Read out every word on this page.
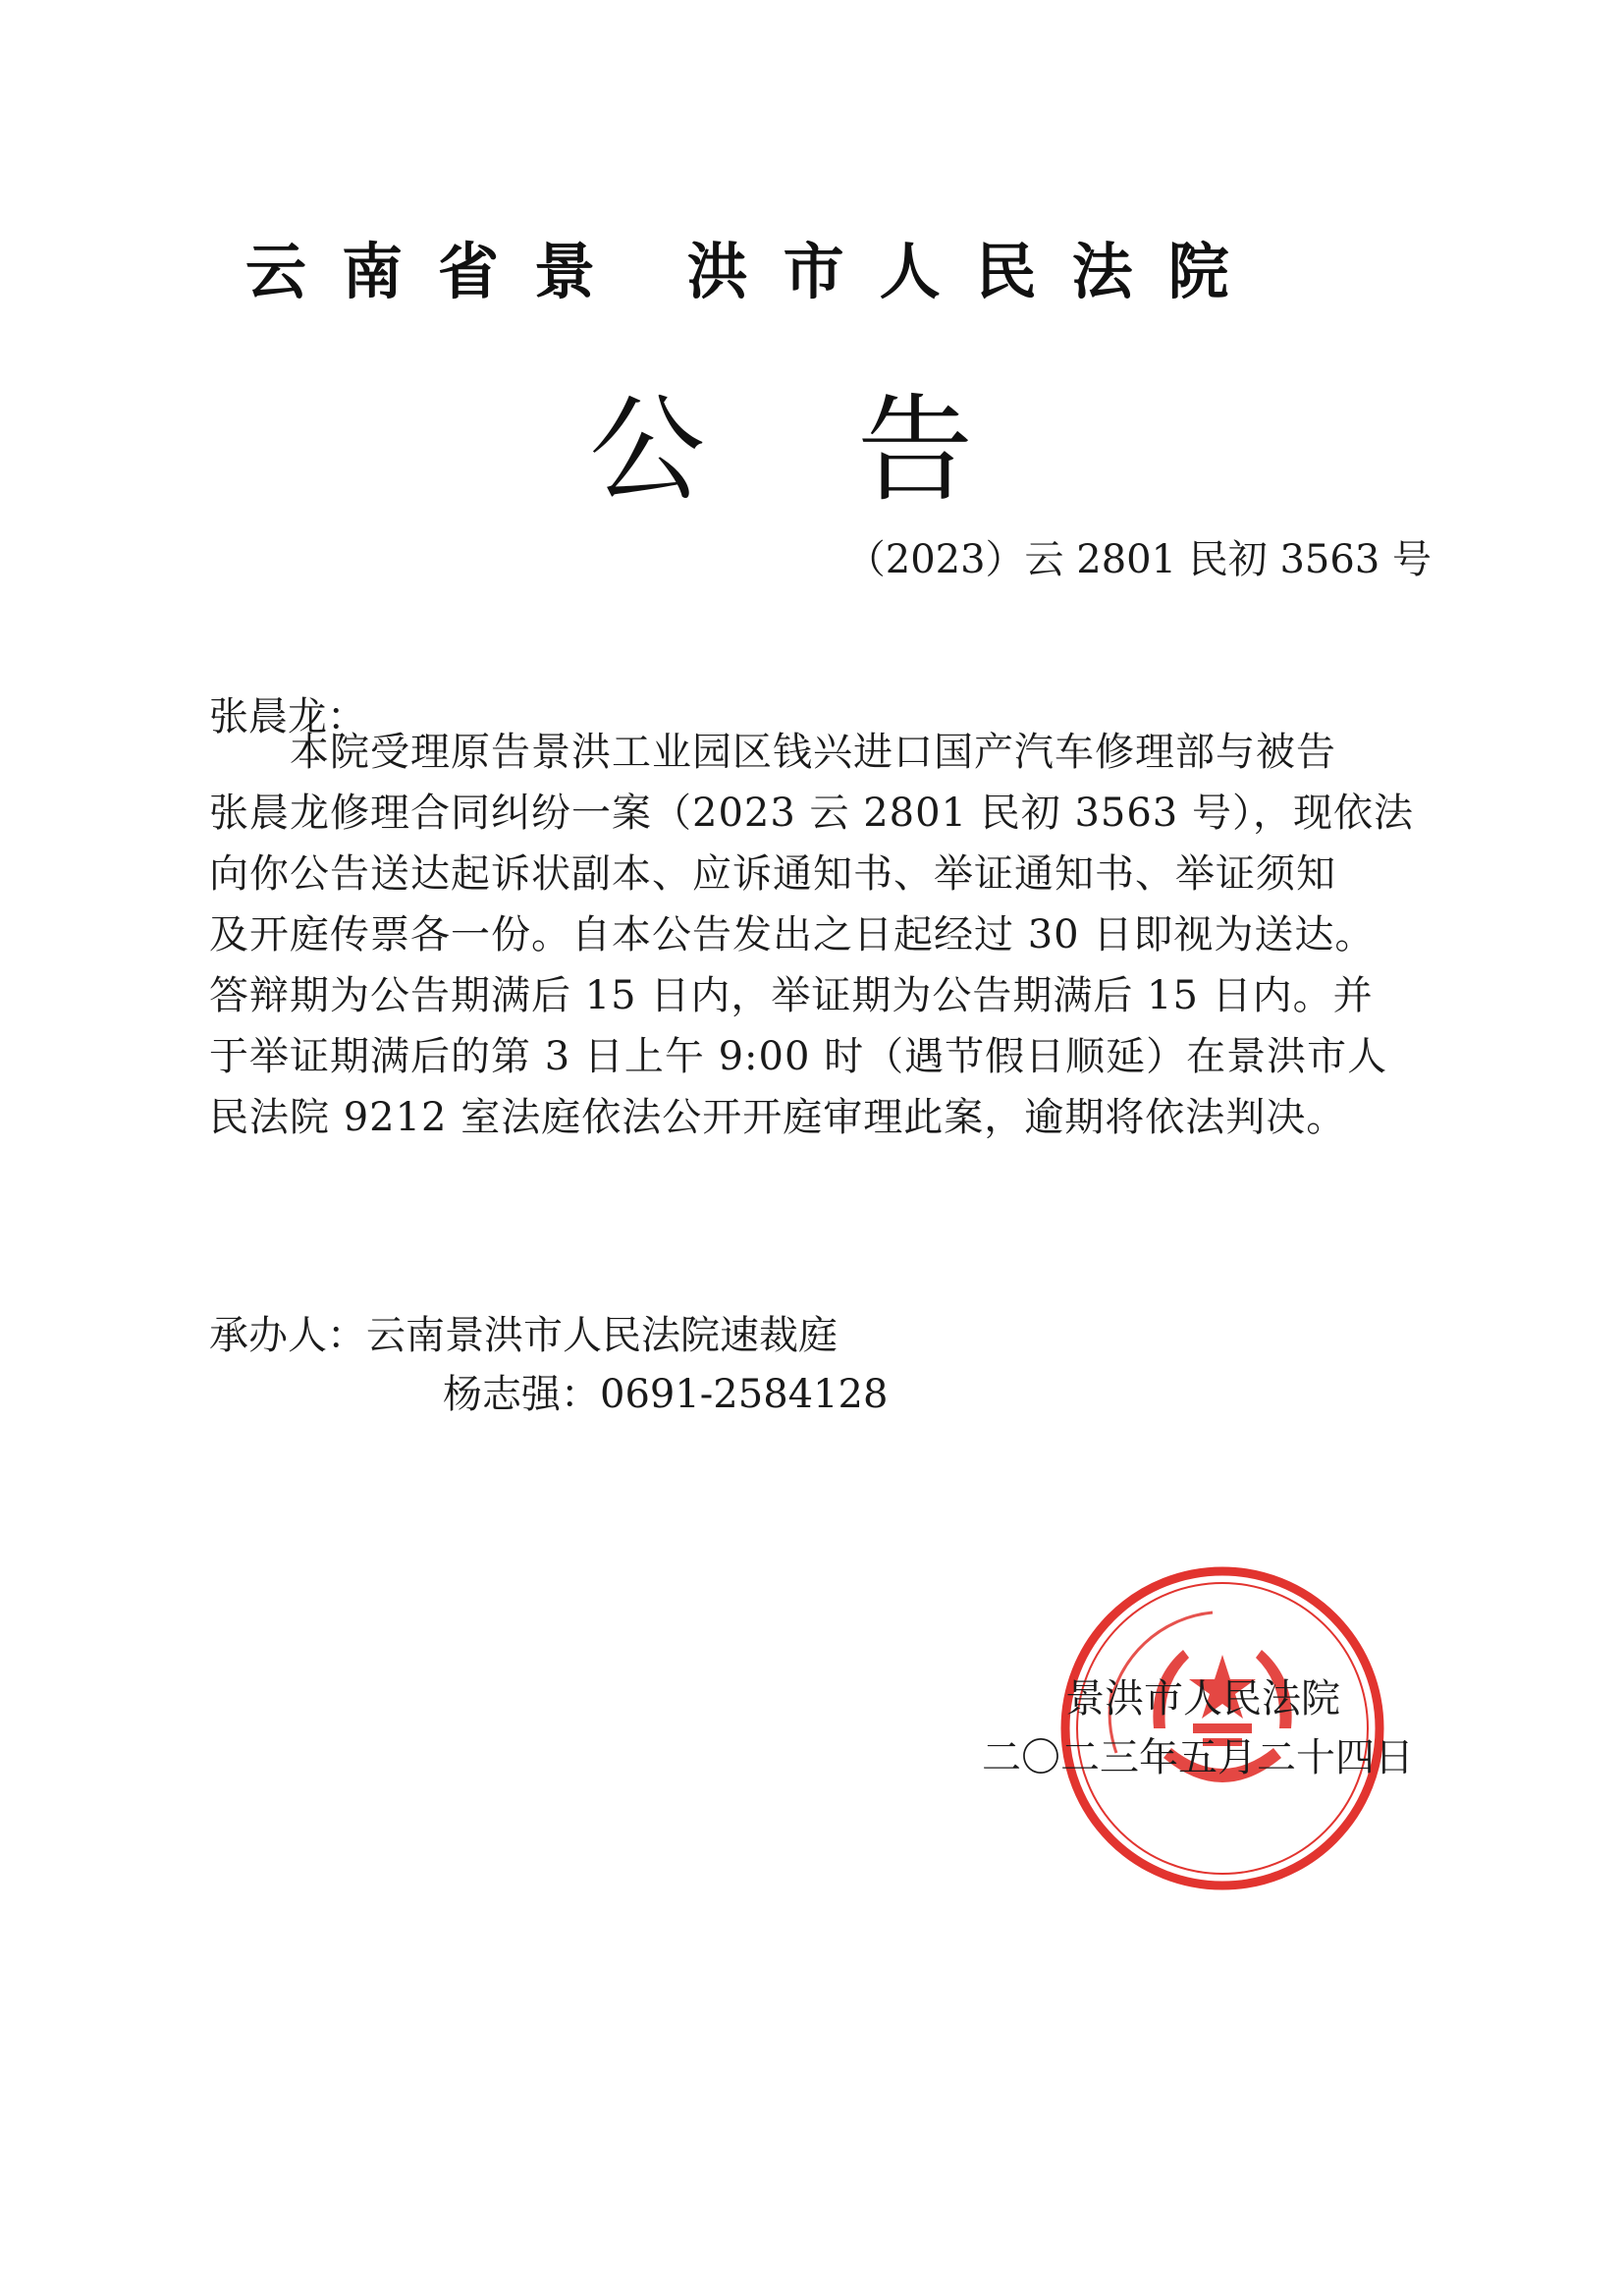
云南省景 洪市人民法院
公告
（2023）云 2801 民初 3563 号
张晨龙：
　　本院受理原告景洪工业园区钱兴进口国产汽车修理部与被告
张晨龙修理合同纠纷一案（2023 云 2801 民初 3563 号），现依法
向你公告送达起诉状副本、应诉通知书、举证通知书、举证须知
及开庭传票各一份。自本公告发出之日起经过 30 日即视为送达。
答辩期为公告期满后 15 日内，举证期为公告期满后 15 日内。并
于举证期满后的第 3 日上午 9:00 时（遇节假日顺延）在景洪市人
民法院 9212 室法庭依法公开开庭审理此案，逾期将依法判决。
承办人：云南景洪市人民法院速裁庭
杨志强：0691-2584128
景洪市人民法院
二〇二三年五月二十四日
